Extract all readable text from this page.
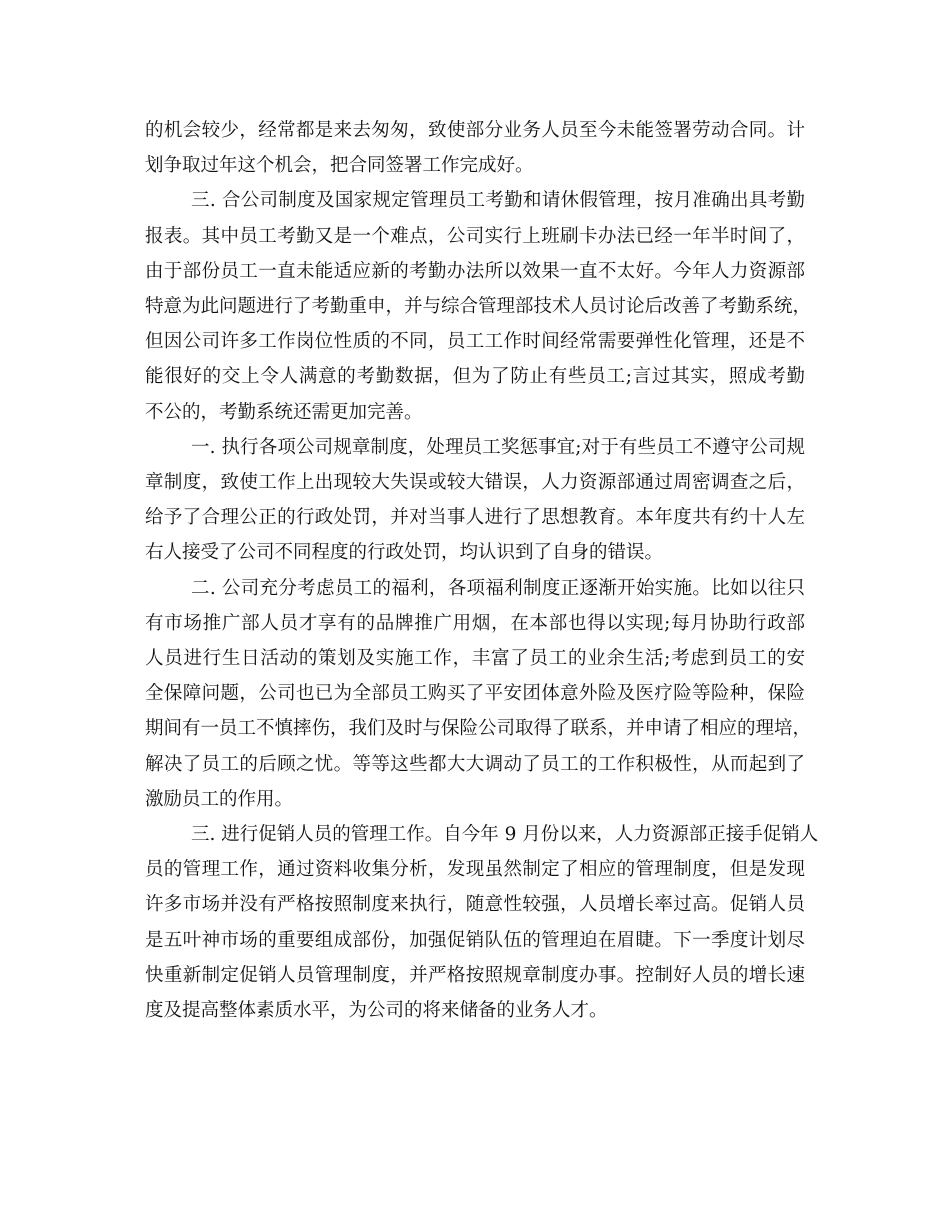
的机会较少，经常都是来去匆匆，致使部分业务人员至今未能签署劳动合同。计
划争取过年这个机会，把合同签署工作完成好。
三. 合公司制度及国家规定管理员工考勤和请休假管理，按月准确出具考勤
报表。其中员工考勤又是一个难点，公司实行上班刷卡办法已经一年半时间了，
由于部份员工一直未能适应新的考勤办法所以效果一直不太好。今年人力资源部
特意为此问题进行了考勤重申，并与综合管理部技术人员讨论后改善了考勤系统，
但因公司许多工作岗位性质的不同，员工工作时间经常需要弹性化管理，还是不
能很好的交上令人满意的考勤数据，但为了防止有些员工;言过其实，照成考勤
不公的，考勤系统还需更加完善。
一. 执行各项公司规章制度，处理员工奖惩事宜;对于有些员工不遵守公司规
章制度，致使工作上出现较大失误或较大错误，人力资源部通过周密调查之后，
给予了合理公正的行政处罚，并对当事人进行了思想教育。本年度共有约十人左
右人接受了公司不同程度的行政处罚，均认识到了自身的错误。
二. 公司充分考虑员工的福利，各项福利制度正逐渐开始实施。比如以往只
有市场推广部人员才享有的品牌推广用烟，在本部也得以实现;每月协助行政部
人员进行生日活动的策划及实施工作，丰富了员工的业余生活;考虑到员工的安
全保障问题，公司也已为全部员工购买了平安团体意外险及医疗险等险种，保险
期间有一员工不慎摔伤，我们及时与保险公司取得了联系，并申请了相应的理培，
解决了员工的后顾之忧。等等这些都大大调动了员工的工作积极性，从而起到了
激励员工的作用。
三. 进行促销人员的管理工作。自今年 9 月份以来，人力资源部正接手促销人
员的管理工作，通过资料收集分析，发现虽然制定了相应的管理制度，但是发现
许多市场并没有严格按照制度来执行，随意性较强，人员增长率过高。促销人员
是五叶神市场的重要组成部份，加强促销队伍的管理迫在眉睫。下一季度计划尽
快重新制定促销人员管理制度，并严格按照规章制度办事。控制好人员的增长速
度及提高整体素质水平，为公司的将来储备的业务人才。
